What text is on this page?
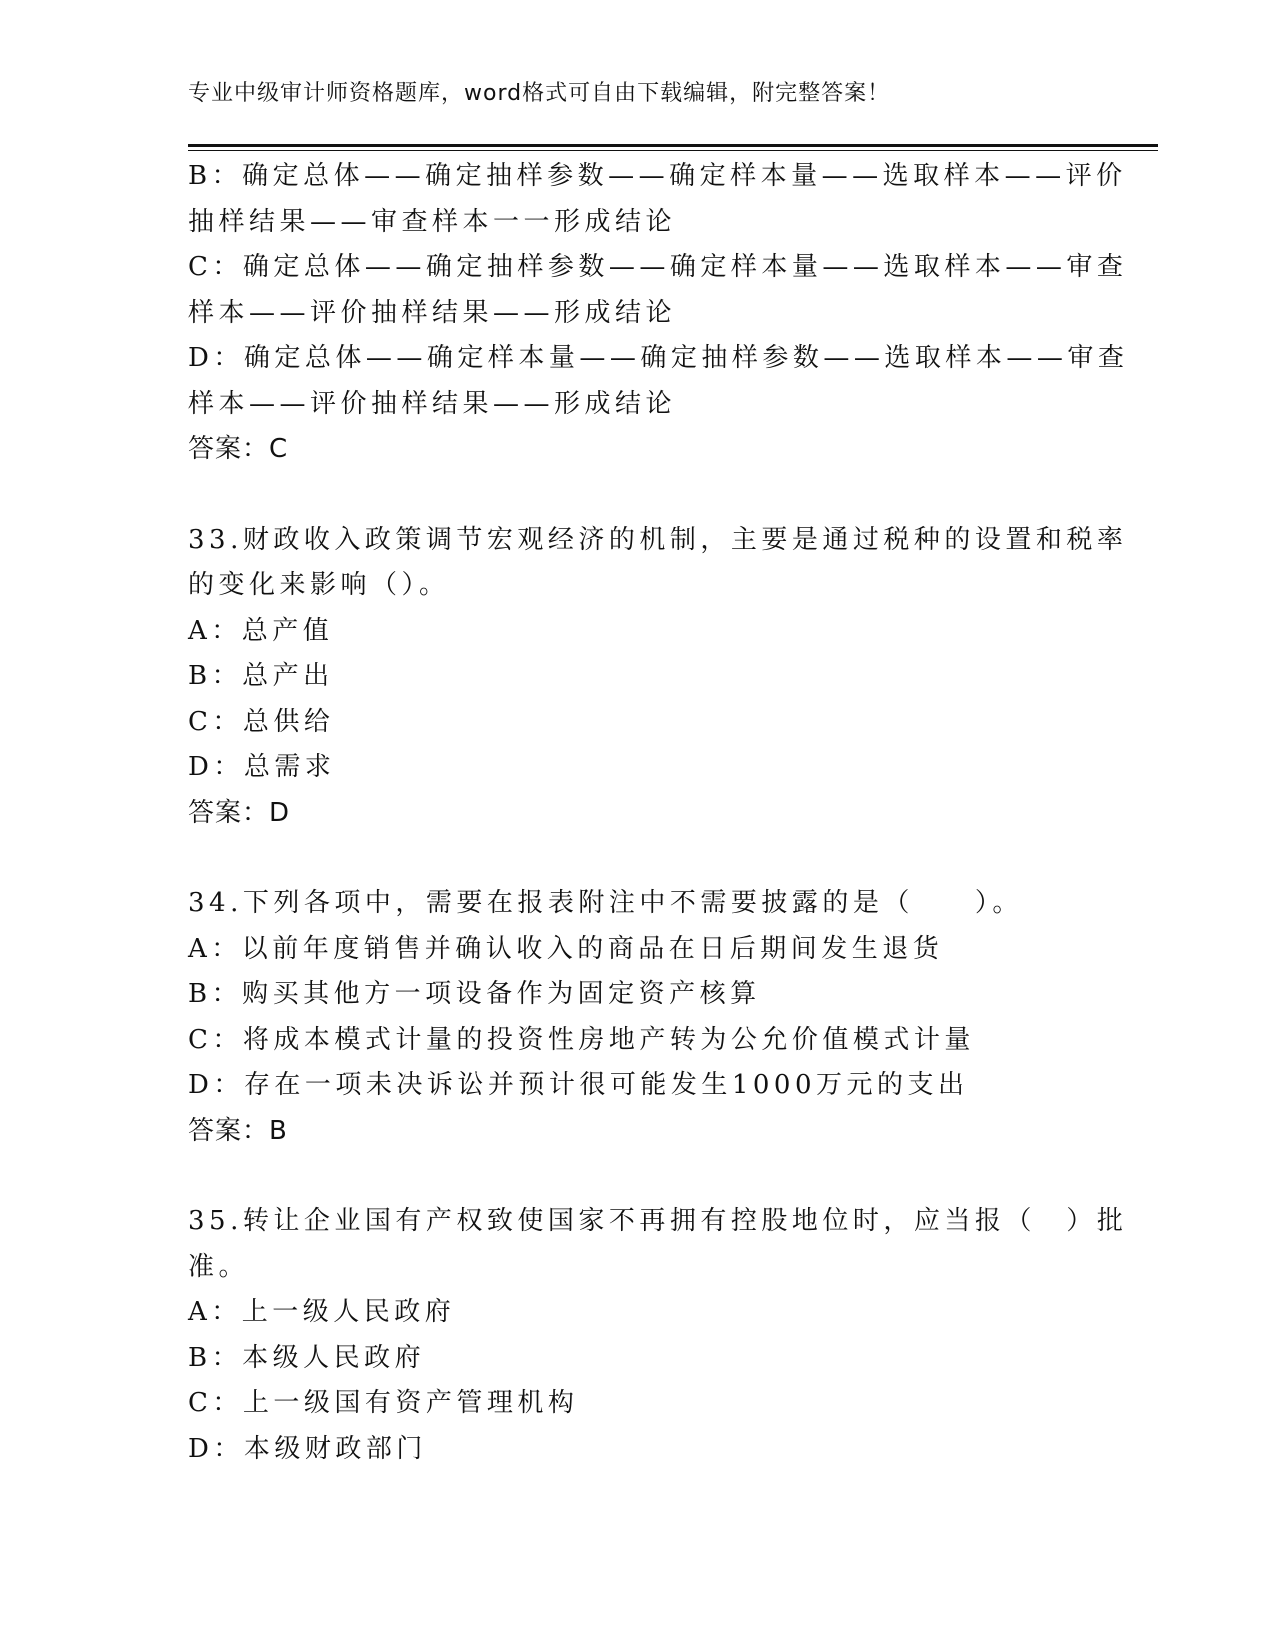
专业中级审计师资格题库，word格式可自由下载编辑，附完整答案！
B：确定总体——确定抽样参数——确定样本量——选取样本——评价
抽样结果——审查样本一一形成结论
C：确定总体——确定抽样参数——确定样本量——选取样本——审查
样本——评价抽样结果——形成结论
D：确定总体——确定样本量——确定抽样参数——选取样本——审查
样本——评价抽样结果——形成结论
答案：C
33.财政收入政策调节宏观经济的机制，主要是通过税种的设置和税率
的变化来影响（）。
A：总产值
B：总产出
C：总供给
D：总需求
答案：D
34.下列各项中，需要在报表附注中不需要披露的是（　　）。
A：以前年度销售并确认收入的商品在日后期间发生退货
B：购买其他方一项设备作为固定资产核算
C：将成本模式计量的投资性房地产转为公允价值模式计量
D：存在一项未决诉讼并预计很可能发生1000万元的支出
答案：B
35.转让企业国有产权致使国家不再拥有控股地位时，应当报（　）批
准。
A：上一级人民政府
B：本级人民政府
C：上一级国有资产管理机构
D：本级财政部门
